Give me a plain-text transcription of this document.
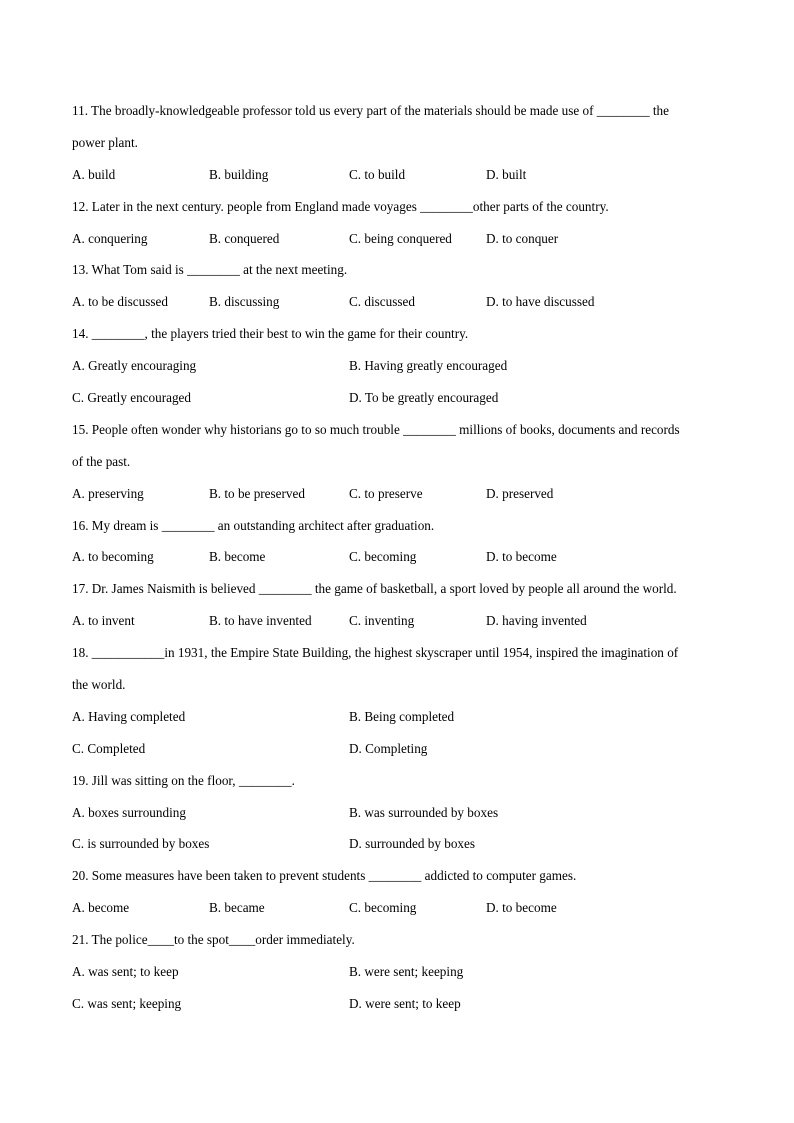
11. The broadly-knowledgeable professor told us every part of the materials should be made use of ________ the
power plant.
A. build	B. building	C. to build	D. built
12. Later in the next century. people from England made voyages ________other parts of the country.
A. conquering	B. conquered	C. being conquered	D. to conquer
13. What Tom said is ________ at the next meeting.
A. to be discussed	B. discussing	C. discussed	D. to have discussed
14. ________, the players tried their best to win the game for their country.
A. Greatly encouraging	B. Having greatly encouraged
C. Greatly encouraged	D. To be greatly encouraged
15. People often wonder why historians go to so much trouble ________ millions of books, documents and records
of the past.
A. preserving	B. to be preserved	C. to preserve	D. preserved
16. My dream is ________ an outstanding architect after graduation.
A. to becoming	B. become	C. becoming	D. to become
17. Dr. James Naismith is believed ________ the game of basketball, a sport loved by people all around the world.
A. to invent	B. to have invented	C. inventing	D. having invented
18. ___________in 1931, the Empire State Building, the highest skyscraper until 1954, inspired the imagination of
the world.
A. Having completed	B. Being completed
C. Completed	D. Completing
19. Jill was sitting on the floor, ________.
A. boxes surrounding	B. was surrounded by boxes
C. is surrounded by boxes	D. surrounded by boxes
20. Some measures have been taken to prevent students ________ addicted to computer games.
A. become	B. became	C. becoming	D. to become
21. The police____to the spot____order immediately.
A. was sent; to keep	B. were sent; keeping
C. was sent; keeping	D. were sent; to keep
